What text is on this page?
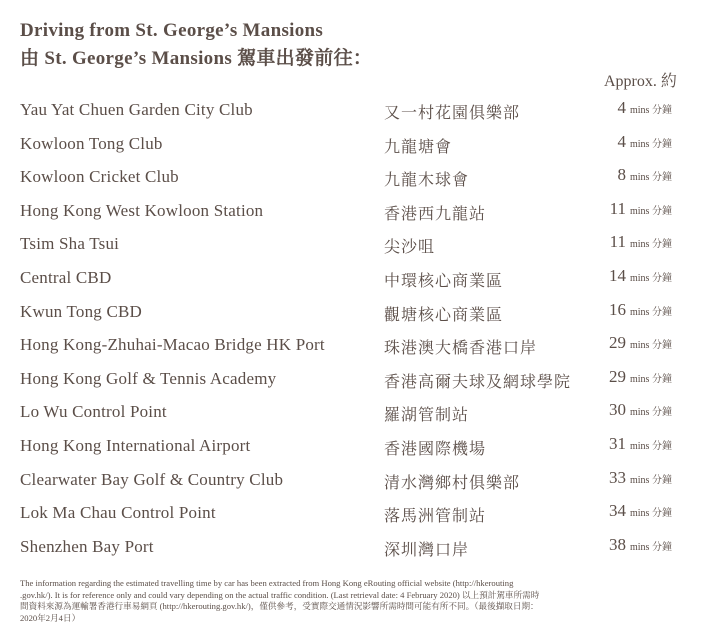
Driving from St. George’s Mansions
由 St. George’s Mansions 駕車出發前往：
Approx. 約
Yau Yat Chuen Garden City Club	又一村花園俱樂部	4 mins 分鐘
Kowloon Tong Club	九龍塘會	4 mins 分鐘
Kowloon Cricket Club	九龍木球會	8 mins 分鐘
Hong Kong West Kowloon Station	香港西九龍站	11 mins 分鐘
Tsim Sha Tsui	尖沙咀	11 mins 分鐘
Central CBD	中環核心商業區	14 mins 分鐘
Kwun Tong CBD	觀塘核心商業區	16 mins 分鐘
Hong Kong-Zhuhai-Macao Bridge HK Port	珠港澳大橋香港口岸	29 mins 分鐘
Hong Kong Golf & Tennis Academy	香港高爾夫球及網球學院	29 mins 分鐘
Lo Wu Control Point	羅湖管制站	30 mins 分鐘
Hong Kong International Airport	香港國際機場	31 mins 分鐘
Clearwater Bay Golf & Country Club	清水灣鄉村俱樂部	33 mins 分鐘
Lok Ma Chau Control Point	落馬洲管制站	34 mins 分鐘
Shenzhen Bay Port	深圳灣口岸	38 mins 分鐘
The information regarding the estimated travelling time by car has been extracted from Hong Kong eRouting official website (http://hkerouting
.gov.hk/). It is for reference only and could vary depending on the actual traffic condition. (Last retrieval date: 4 February 2020) 以上預計駕車所需時
間資料來源為運輸署香港行車易網頁 (http://hkerouting.gov.hk/)，僅供參考，受實際交通情況影響所需時間可能有所不同。（最後擷取日期：
2020年2月4日）
